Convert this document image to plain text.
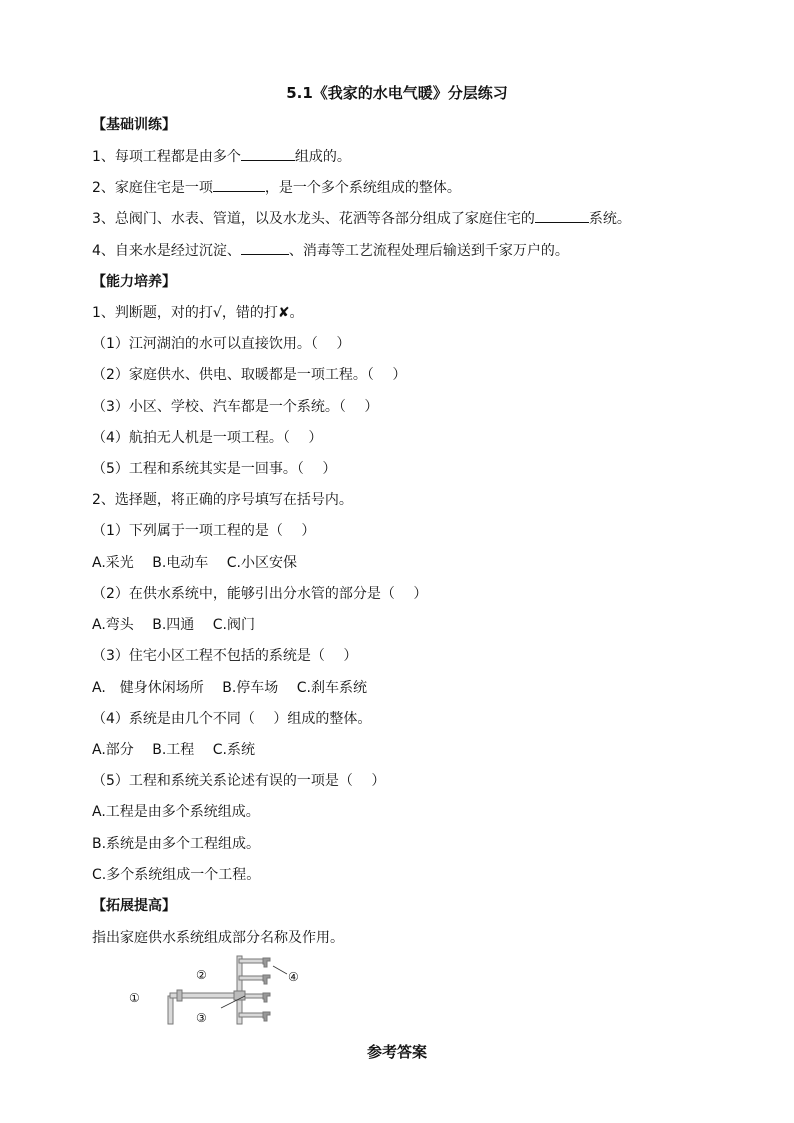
5.1《我家的水电气暖》分层练习
【基础训练】
1、每项工程都是由多个	组成的。
2、家庭住宅是一项	，是一个多个系统组成的整体。
3、总阀门、水表、管道，以及水龙头、花洒等各部分组成了家庭住宅的	系统。
4、自来水是经过沉淀、	、消毒等工艺流程处理后输送到千家万户的。
【能力培养】
1、判断题，对的打√，错的打✘。
（1）江河湖泊的水可以直接饮用。（　 ）
（2）家庭供水、供电、取暖都是一项工程。（　 ）
（3）小区、学校、汽车都是一个系统。（　 ）
（4）航拍无人机是一项工程。（　 ）
（5）工程和系统其实是一回事。（　 ）
2、选择题，将正确的序号填写在括号内。
（1）下列属于一项工程的是（　 ）
A.采光　 B.电动车　 C.小区安保
（2）在供水系统中，能够引出分水管的部分是（　 ）
A.弯头　 B.四通　 C.阀门
（3）住宅小区工程不包括的系统是（　 ）
A.　健身休闲场所　 B.停车场　 C.刹车系统
（4）系统是由几个不同（　 ）组成的整体。
A.部分　 B.工程　 C.系统
（5）工程和系统关系论述有误的一项是（　 ）
A.工程是由多个系统组成。
B.系统是由多个工程组成。
C.多个系统组成一个工程。
【拓展提高】
指出家庭供水系统组成部分名称及作用。
①
②
③
④
参考答案
